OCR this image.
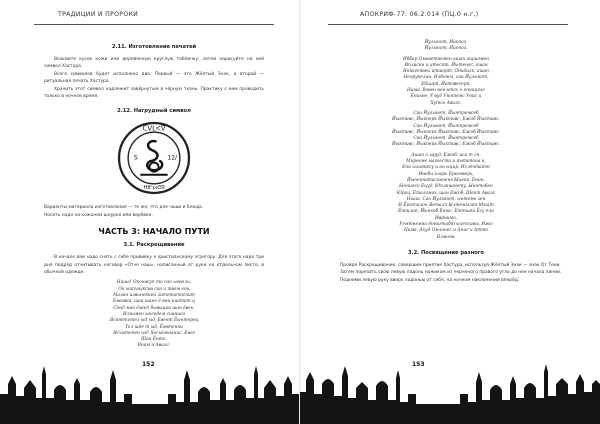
ТРАДИЦИИ И ПРОРОКИ
2.11. Изготовление печатей

Возьмите кусок кожи или деревянную круглую табличку, затем нарисуйте на ней символ Хастура.

Всего символов будет исполнено два. Первый — это Жёлтый Знак, а второй — ритуальная печать Хастура.

Хранить этот символ надлежит завёрнутым в чёрную ткань. Практику с ним проводить только в ночное время.

2.12. Нагрудный символ
ᑕᐯᒪᐸᐁ
12/
S
ᕼ8ᐣᔕᕮᖇ

Варианты материала изготовления — те же, что для чаши и блюда.

Носить надо на кожаном шнурке или верёвке.

ЧАСТЬ 3: НАЧАЛО ПУТИ
3.1. Раскрещивание

В начале вам надо снять с себя прививку к христианскому эгрегору. Для этого надо три дня подряд отчитывать наговор «Отче наш», написанный от руки на отдельном листе, в обычной одежде.

Нишо! Оконжуп то сан ыовели,
Он ыипчауксив сан а твем енц
Малан извинекней литетатоснит
Ежовки, шан шано ё вни ниатит ц
Сенд ман ёжед бывыцан шан ёвек.
Илнамен ыиседем снаниоз
Ясятепотел ыд ыд, Евент Ёынтерец
Тел шде т ыд, Ёовтенни
Ясчытепен ыд! Хесьёгенанис, Ежо
Шан Ёнто,
Вним и Авалс.
152
АПОКРИФ-77: 06.2.014 (ПЦ.0 н.г.)
Йулынот, Ийопоз.
Йулынот, Ийопоз.
Иббар Омоветнемен ашан ащшемен
Иплисин и итесят, Йытенес, ашан
Янякгопвей итшорт, Онидалк, ашан
Неорукелин, Илбопоз, сан Йулынот,
Ебцирп, Йатзвесерп,
Нима. Вовен вонлепес о еницигло
Ениьне, У вуд Унотемс Унис и
Хутсо Авалс.
Сан Йулынот, Йынтремсеб
Йыктивс, Йыкперк Йыктивс, Ежоб Йыктивс.
Сан Йулынот, Йынтремсеб
Йыктивс, Йыкперк Йыктивс, Ежоб Йыктивс.
Сан Йулынот, Йынтремсеб
Йыктивс, Йыкперк Йыктивс, Ежоб Йыктивс.
Ашан о ыруд, Ежоб, иса т сн,
Мирееме ыагоесто и яытипона и,
Ени ылаякесу и ан ыцир, Ислептадоп
Инеби иларь Ереговерь,
Йынеинатаснанень Ыцекн. Енин,
Ынниясе Ецуд, Юплинанету, Ынотобен
Юрац, Еталомах, шан Ежоб, Шеит Авалс
Ниаш. Сан Йулынот, ынтеме хен
И Ёрыталон Яеталп Ылтемьсит Мзщт
Ёппилап, Йынкоб Енюс, Еттшеи Ёсу ели
Иврнимо.
Уемтнемяа ённигтабт ылепсавы, Ижо
Нима. Ахуд Омлонес и Анис и Атто
Ялмоов.
3.2. Посвящение разного

Пройдя Раскрещивание, совершим приятие Хастура, используя Жёлтый Знак — знак От Тени.

Затем порезать свою левую ладонь ножиком из черненого правого угла до нее начала линии.

Подними левую руку вверх ладонью от себя, на ночном наклонении вперёд.

153
